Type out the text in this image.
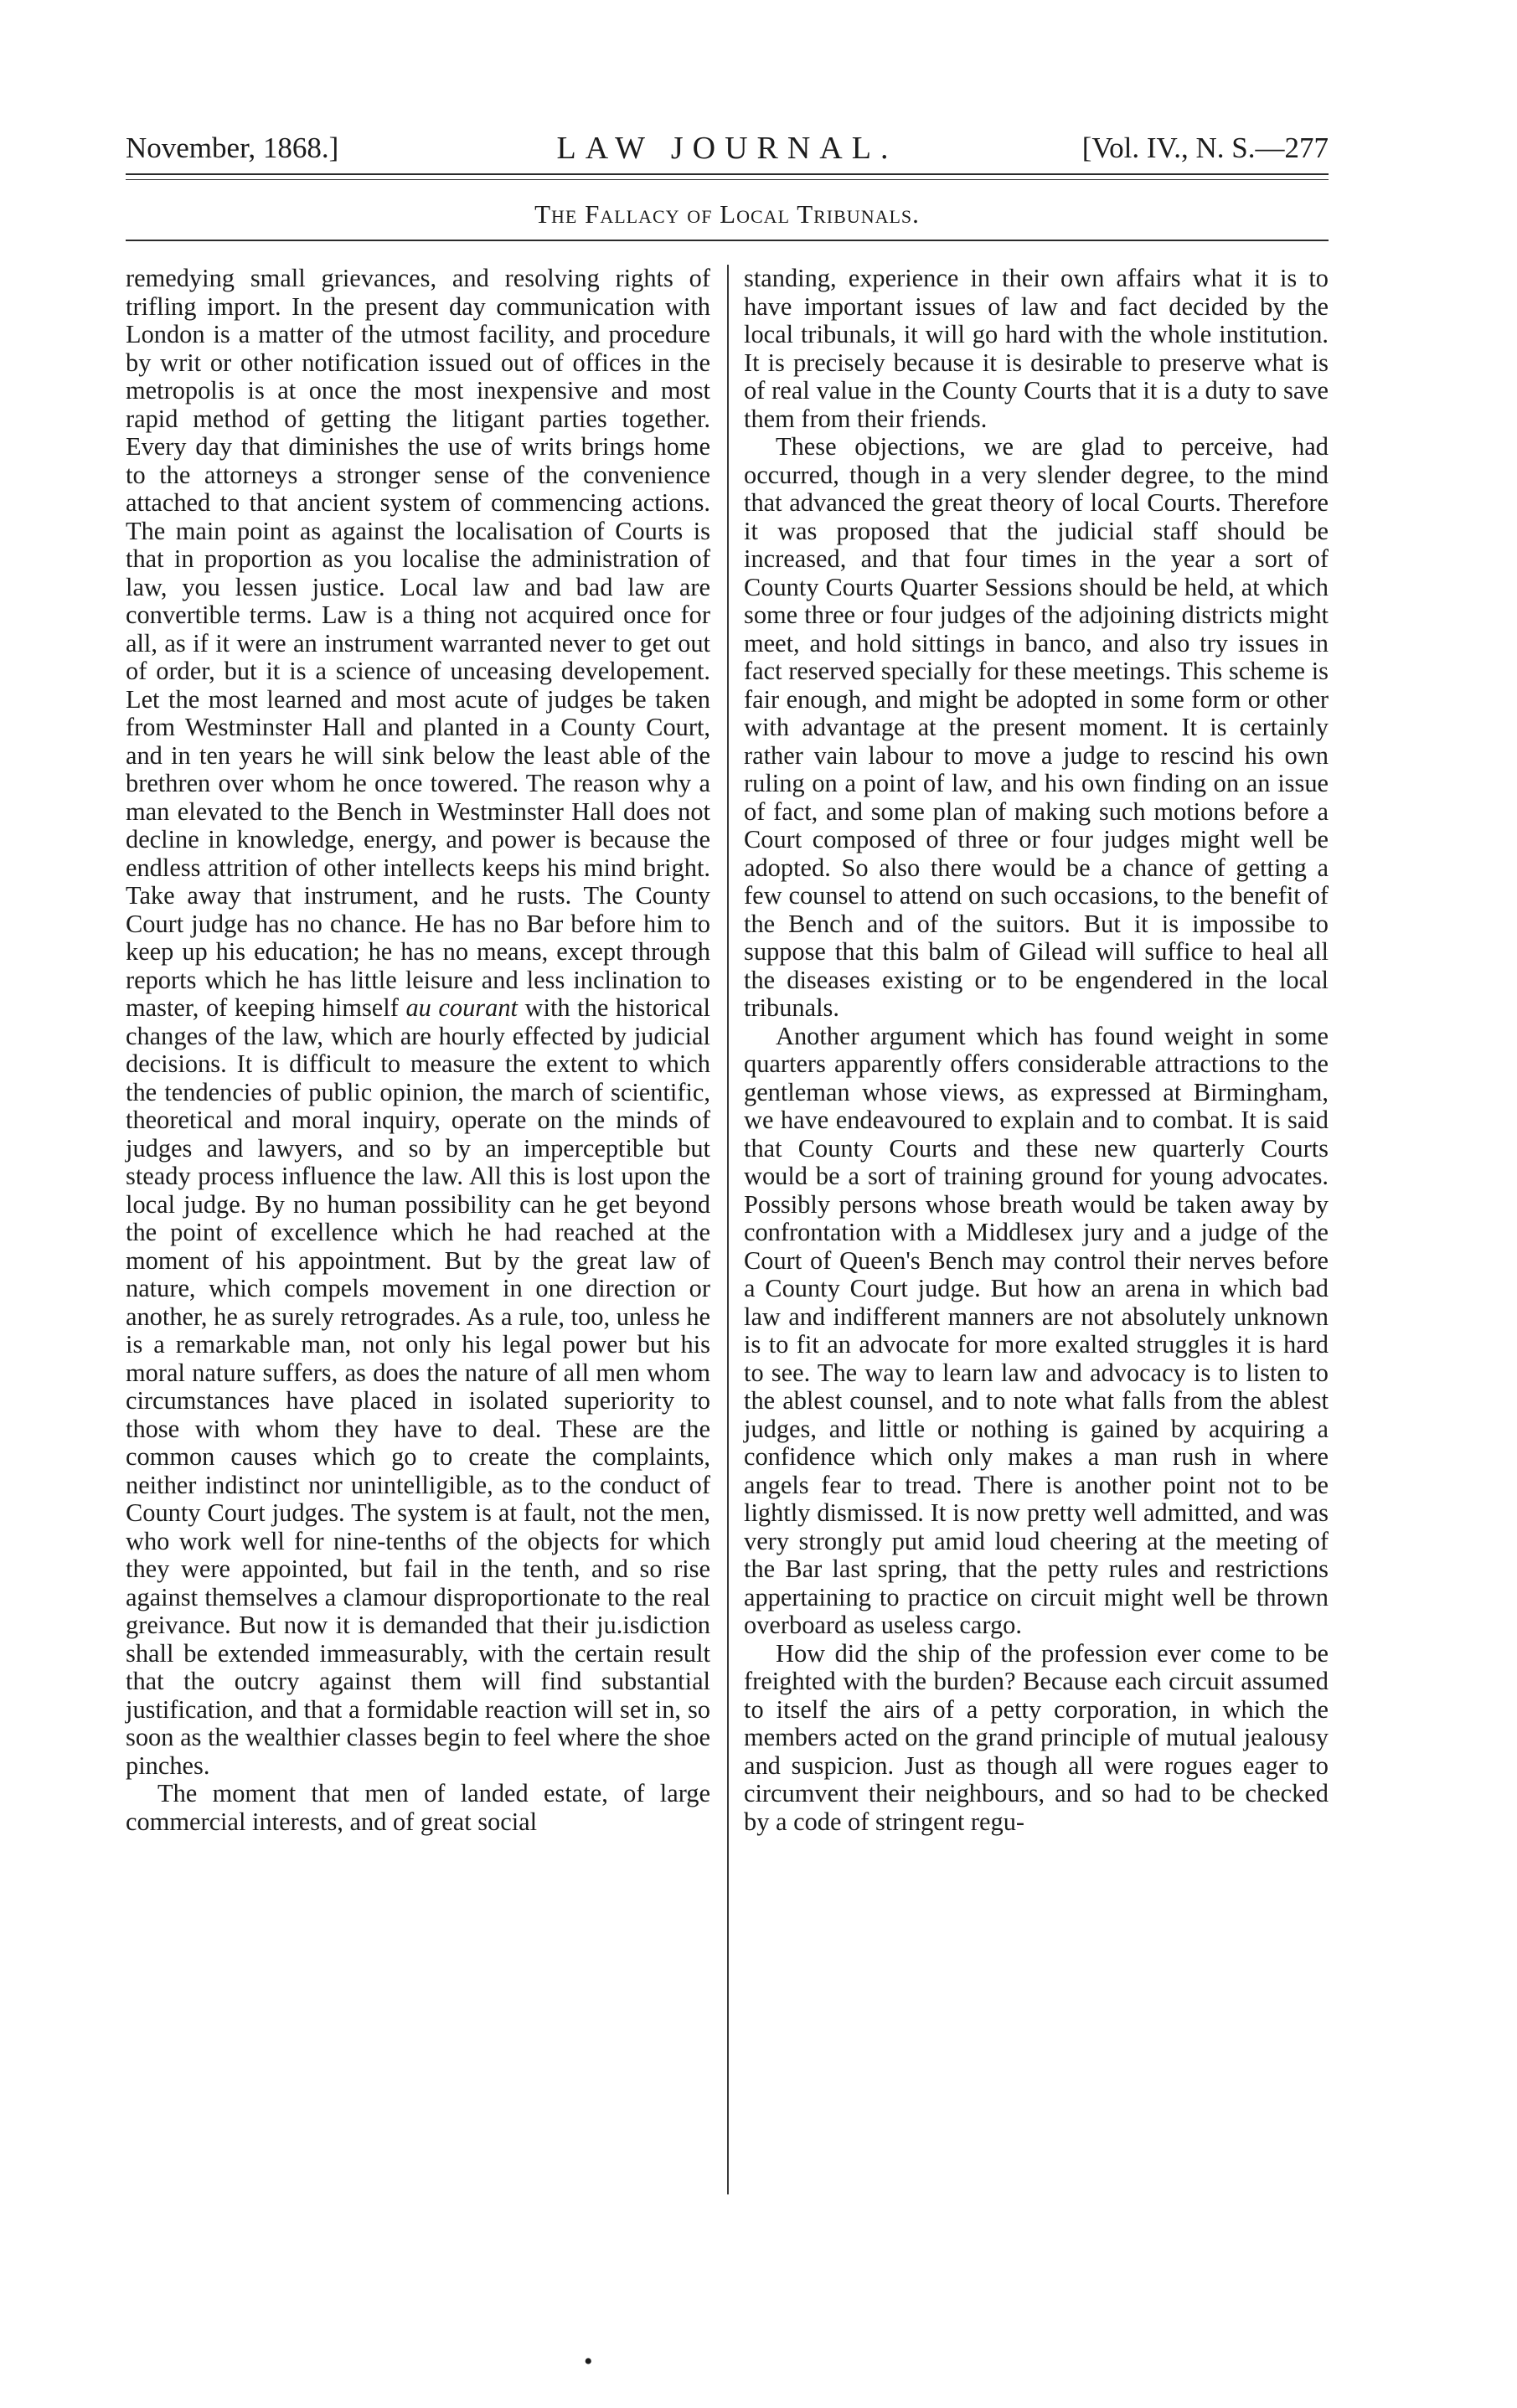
November, 1868.]	LAW JOURNAL.	[Vol. IV., N. S.—277
The Fallacy of Local Tribunals.

remedying small grievances, and resolving rights of trifling import. In the present day communication with London is a matter of the utmost facility, and procedure by writ or other notification issued out of offices in the metropolis is at once the most inexpensive and most rapid method of getting the litigant parties together. Every day that diminishes the use of writs brings home to the attorneys a stronger sense of the convenience attached to that ancient system of commencing actions. The main point as against the localisation of Courts is that in proportion as you localise the administration of law, you lessen justice. Local law and bad law are convertible terms. Law is a thing not acquired once for all, as if it were an instrument warranted never to get out of order, but it is a science of unceasing developement. Let the most learned and most acute of judges be taken from Westminster Hall and planted in a County Court, and in ten years he will sink below the least able of the brethren over whom he once towered. The reason why a man elevated to the Bench in Westminster Hall does not decline in knowledge, energy, and power is because the endless attrition of other intellects keeps his mind bright. Take away that instrument, and he rusts. The County Court judge has no chance. He has no Bar before him to keep up his education; he has no means, except through reports which he has little leisure and less inclination to master, of keeping himself au courant with the historical changes of the law, which are hourly effected by judicial decisions. It is difficult to measure the extent to which the tendencies of public opinion, the march of scientific, theoretical and moral inquiry, operate on the minds of judges and lawyers, and so by an imperceptible but steady process influence the law. All this is lost upon the local judge. By no human possibility can he get beyond the point of excellence which he had reached at the moment of his appointment. But by the great law of nature, which compels movement in one direction or another, he as surely retrogrades. As a rule, too, unless he is a remarkable man, not only his legal power but his moral nature suffers, as does the nature of all men whom circumstances have placed in isolated superiority to those with whom they have to deal. These are the common causes which go to create the complaints, neither indistinct nor unintelligible, as to the conduct of County Court judges. The system is at fault, not the men, who work well for nine-tenths of the objects for which they were appointed, but fail in the tenth, and so rise against themselves a clamour disproportionate to the real greivance. But now it is demanded that their ju.isdiction shall be extended immeasurably, with the certain result that the outcry against them will find substantial justification, and that a formidable reaction will set in, so soon as the wealthier classes begin to feel where the shoe pinches.

The moment that men of landed estate, of large commercial interests, and of great social

standing, experience in their own affairs what it is to have important issues of law and fact decided by the local tribunals, it will go hard with the whole institution. It is precisely because it is desirable to preserve what is of real value in the County Courts that it is a duty to save them from their friends.

These objections, we are glad to perceive, had occurred, though in a very slender degree, to the mind that advanced the great theory of local Courts. Therefore it was proposed that the judicial staff should be increased, and that four times in the year a sort of County Courts Quarter Sessions should be held, at which some three or four judges of the adjoining districts might meet, and hold sittings in banco, and also try issues in fact reserved specially for these meetings. This scheme is fair enough, and might be adopted in some form or other with advantage at the present moment. It is certainly rather vain labour to move a judge to rescind his own ruling on a point of law, and his own finding on an issue of fact, and some plan of making such motions before a Court composed of three or four judges might well be adopted. So also there would be a chance of getting a few counsel to attend on such occasions, to the benefit of the Bench and of the suitors. But it is impossibe to suppose that this balm of Gilead will suffice to heal all the diseases existing or to be engendered in the local tribunals.

Another argument which has found weight in some quarters apparently offers considerable attractions to the gentleman whose views, as expressed at Birmingham, we have endeavoured to explain and to combat. It is said that County Courts and these new quarterly Courts would be a sort of training ground for young advocates. Possibly persons whose breath would be taken away by confrontation with a Middlesex jury and a judge of the Court of Queen's Bench may control their nerves before a County Court judge. But how an arena in which bad law and indifferent manners are not absolutely unknown is to fit an advocate for more exalted struggles it is hard to see. The way to learn law and advocacy is to listen to the ablest counsel, and to note what falls from the ablest judges, and little or nothing is gained by acquiring a confidence which only makes a man rush in where angels fear to tread. There is another point not to be lightly dismissed. It is now pretty well admitted, and was very strongly put amid loud cheering at the meeting of the Bar last spring, that the petty rules and restrictions appertaining to practice on circuit might well be thrown overboard as useless cargo.

How did the ship of the profession ever come to be freighted with the burden? Because each circuit assumed to itself the airs of a petty corporation, in which the members acted on the grand principle of mutual jealousy and suspicion. Just as though all were rogues eager to circumvent their neighbours, and so had to be checked by a code of stringent regu-

•
